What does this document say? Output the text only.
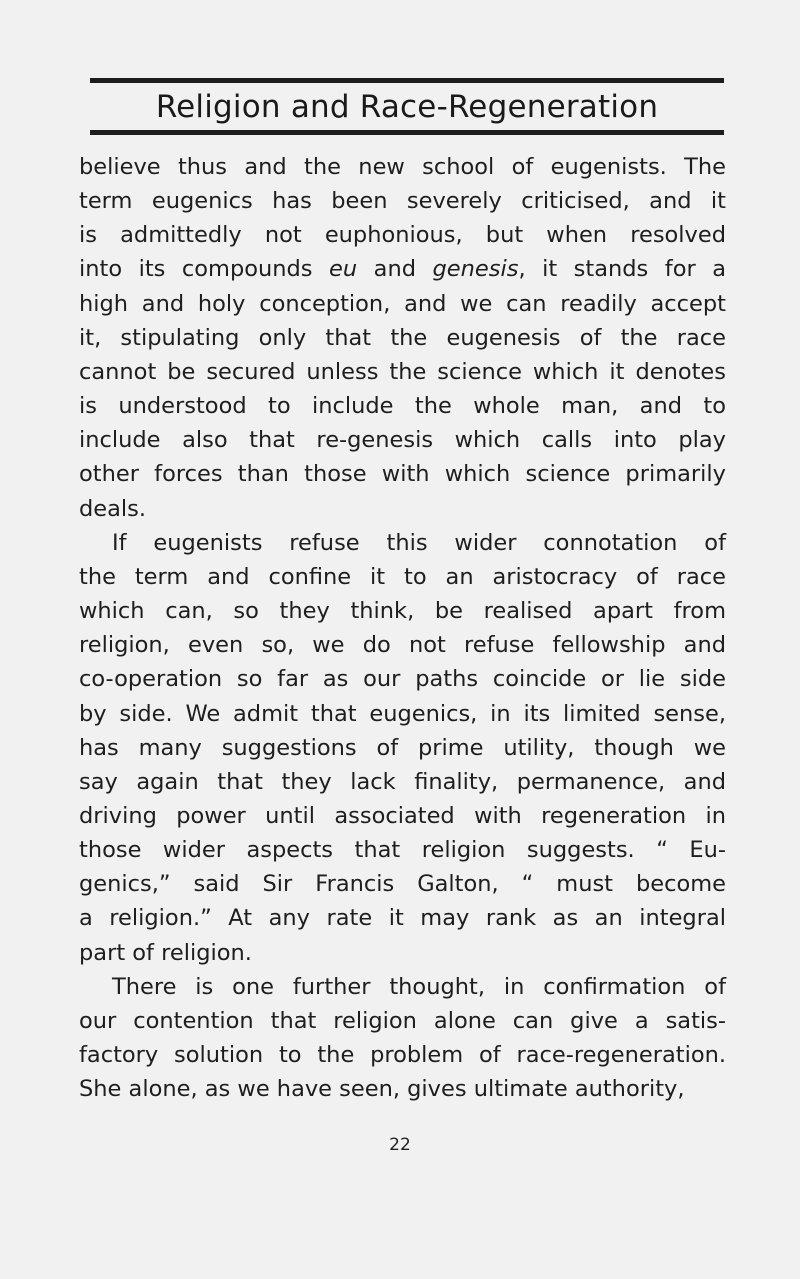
Religion and Race-Regeneration
believe thus and the new school of eugenists. The
term eugenics has been severely criticised, and it
is admittedly not euphonious, but when resolved
into its compounds eu and genesis, it stands for a
high and holy conception, and we can readily accept
it, stipulating only that the eugenesis of the race
cannot be secured unless the science which it denotes
is understood to include the whole man, and to
include also that re-genesis which calls into play
other forces than those with which science primarily
deals.
If eugenists refuse this wider connotation of
the term and confine it to an aristocracy of race
which can, so they think, be realised apart from
religion, even so, we do not refuse fellowship and
co-operation so far as our paths coincide or lie side
by side. We admit that eugenics, in its limited sense,
has many suggestions of prime utility, though we
say again that they lack finality, permanence, and
driving power until associated with regeneration in
those wider aspects that religion suggests. “ Eu-
genics,” said Sir Francis Galton, “ must become
a religion.” At any rate it may rank as an integral
part of religion.
There is one further thought, in confirmation of
our contention that religion alone can give a satis-
factory solution to the problem of race-regeneration.
She alone, as we have seen, gives ultimate authority,
22
